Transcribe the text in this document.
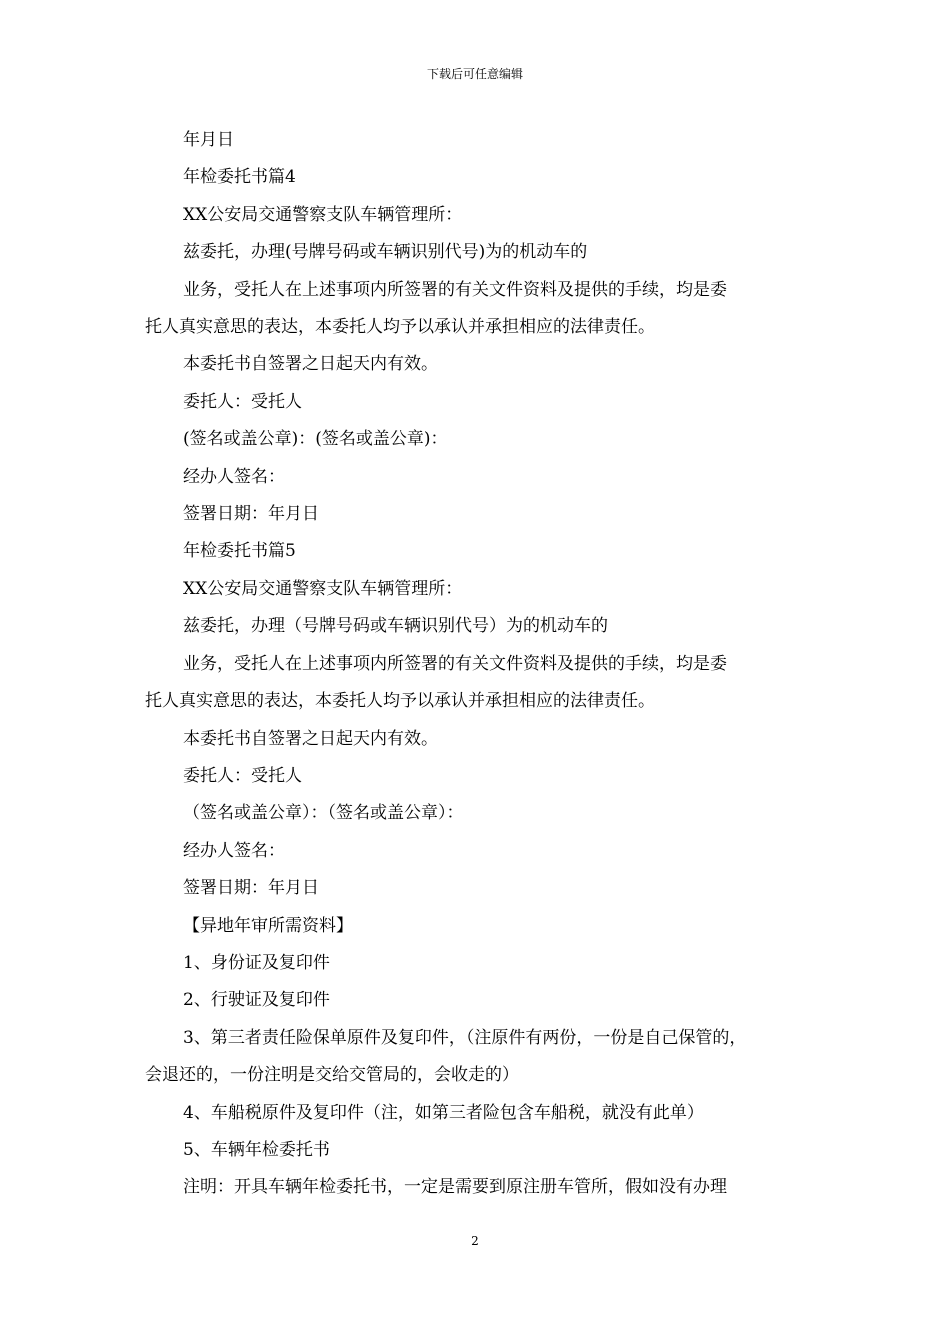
下载后可任意编辑

年月日

年检委托书篇4

XX公安局交通警察支队车辆管理所：

兹委托，办理(号牌号码或车辆识别代号)为的机动车的

业务，受托人在上述事项内所签署的有关文件资料及提供的手续，均是委

托人真实意思的表达，本委托人均予以承认并承担相应的法律责任。

本委托书自签署之日起天内有效。

委托人：受托人

(签名或盖公章)：(签名或盖公章)：

经办人签名：

签署日期：年月日

年检委托书篇5

XX公安局交通警察支队车辆管理所：

兹委托，办理（号牌号码或车辆识别代号）为的机动车的

业务，受托人在上述事项内所签署的有关文件资料及提供的手续，均是委

托人真实意思的表达，本委托人均予以承认并承担相应的法律责任。

本委托书自签署之日起天内有效。

委托人：受托人

（签名或盖公章）：（签名或盖公章）：

经办人签名：

签署日期：年月日

【异地年审所需资料】

1、身份证及复印件

2、行驶证及复印件

3、第三者责任险保单原件及复印件，（注原件有两份，一份是自己保管的，

会退还的，一份注明是交给交管局的，会收走的）

4、车船税原件及复印件（注，如第三者险包含车船税，就没有此单）

5、车辆年检委托书

注明：开具车辆年检委托书，一定是需要到原注册车管所，假如没有办理

2
